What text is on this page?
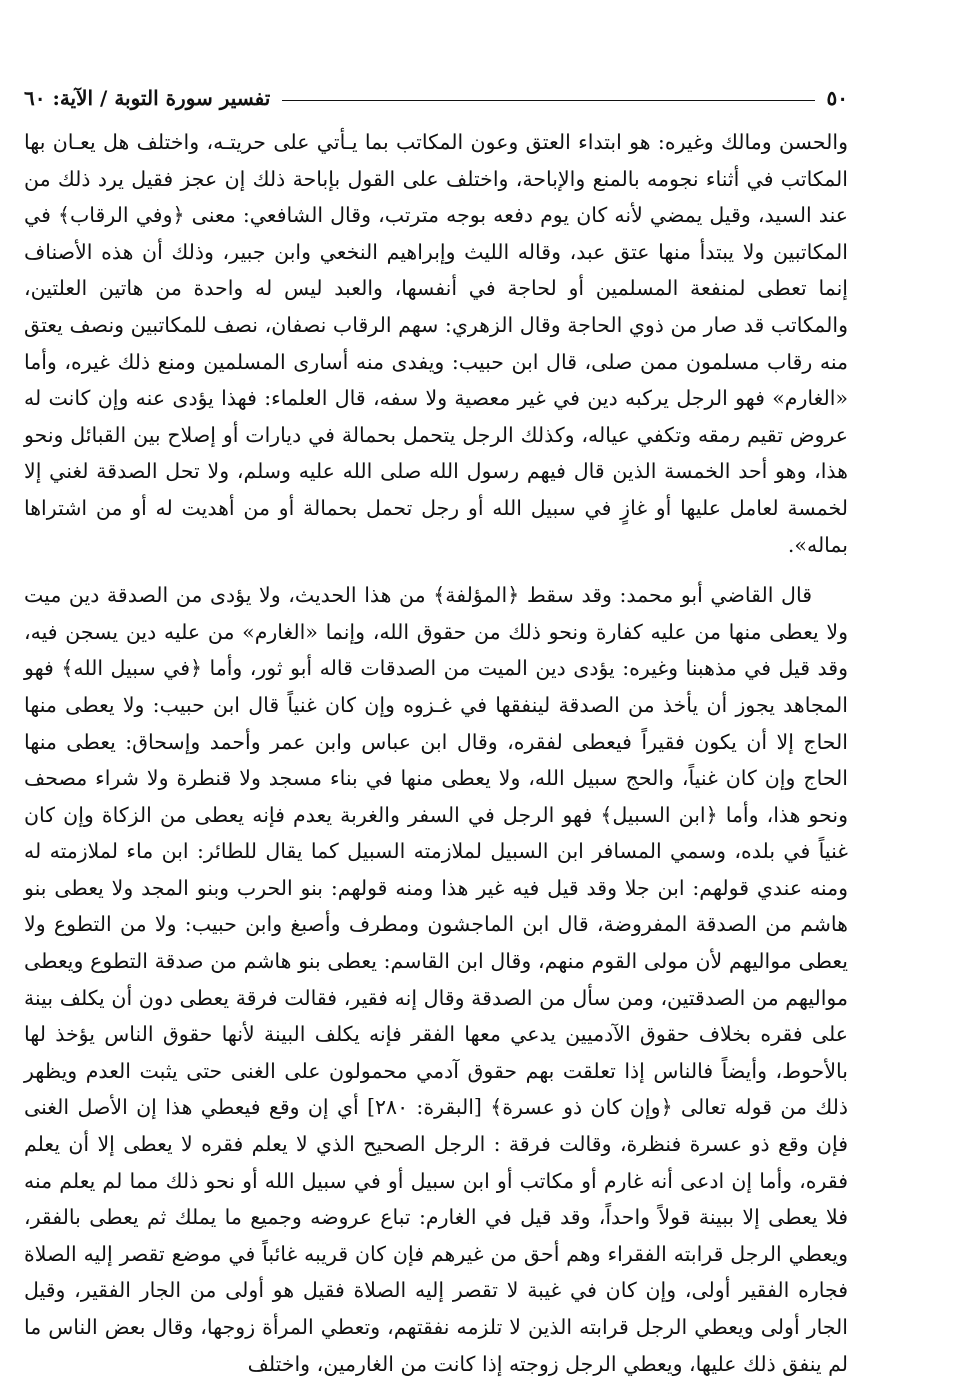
٥٠
تفسير سورة التوبة / الآية: ٦٠

والحسن ومالك وغيره: هو ابتداء العتق وعون المكاتب بما يـأتي على حريتـه، واختلف هل يعـان بها المكاتب في أثناء نجومه بالمنع والإباحة، واختلف على القول بإباحة ذلك إن عجز فقيل يرد ذلك من عند السيد، وقيل يمضي لأنه كان يوم دفعه بوجه مترتب، وقال الشافعي: معنى ﴿وفي الرقاب﴾ في المكاتبين ولا يبتدأ منها عتق عبد، وقاله الليث وإبراهيم النخعي وابن جبير، وذلك أن هذه الأصناف إنما تعطى لمنفعة المسلمين أو لحاجة في أنفسها، والعبد ليس له واحدة من هاتين العلتين، والمكاتب قد صار من ذوي الحاجة وقال الزهري: سهم الرقاب نصفان، نصف للمكاتبين ونصف يعتق منه رقاب مسلمون ممن صلى، قال ابن حبيب: ويفدى منه أسارى المسلمين ومنع ذلك غيره، وأما «الغارم» فهو الرجل يركبه دين في غير معصية ولا سفه، قال العلماء: فهذا يؤدى عنه وإن كانت له عروض تقيم رمقه وتكفي عياله، وكذلك الرجل يتحمل بحمالة في ديارات أو إصلاح بين القبائل ونحو هذا، وهو أحد الخمسة الذين قال فيهم رسول الله صلى الله عليه وسلم، ولا تحل الصدقة لغني إلا لخمسة لعامل عليها أو غازٍ في سبيل الله أو رجل تحمل بحمالة أو من أهديت له أو من اشتراها بماله».

قال القاضي أبو محمد: وقد سقط ﴿المؤلفة﴾ من هذا الحديث، ولا يؤدى من الصدقة دين ميت ولا يعطى منها من عليه كفارة ونحو ذلك من حقوق الله، وإنما «الغارم» من عليه دين يسجن فيه، وقد قيل في مذهبنا وغيره: يؤدى دين الميت من الصدقات قاله أبو ثور، وأما ﴿في سبيل الله﴾ فهو المجاهد يجوز أن يأخذ من الصدقة لينفقها في غـزوه وإن كان غنياً قال ابن حبيب: ولا يعطى منها الحاج إلا أن يكون فقيراً فيعطى لفقره، وقال ابن عباس وابن عمر وأحمد وإسحاق: يعطى منها الحاج وإن كان غنياً، والحج سبيل الله، ولا يعطى منها في بناء مسجد ولا قنطرة ولا شراء مصحف ونحو هذا، وأما ﴿ابن السبيل﴾ فهو الرجل في السفر والغربة يعدم فإنه يعطى من الزكاة وإن كان غنياً في بلده، وسمي المسافر ابن السبيل لملازمته السبيل كما يقال للطائر: ابن ماء لملازمته له ومنه عندي قولهم: ابن جلا وقد قيل فيه غير هذا ومنه قولهم: بنو الحرب وبنو المجد ولا يعطى بنو هاشم من الصدقة المفروضة، قال ابن الماجشون ومطرف وأصبغ وابن حبيب: ولا من التطوع ولا يعطى مواليهم لأن مولى القوم منهم، وقال ابن القاسم: يعطى بنو هاشم من صدقة التطوع ويعطى مواليهم من الصدقتين، ومن سأل من الصدقة وقال إنه فقير، فقالت فرقة يعطى دون أن يكلف بينة على فقره بخلاف حقوق الآدميين يدعي معها الفقر فإنه يكلف البينة لأنها حقوق الناس يؤخذ لها بالأحوط، وأيضاً فالناس إذا تعلقت بهم حقوق آدمي محمولون على الغنى حتى يثبت العدم ويظهر ذلك من قوله تعالى ﴿وإن كان ذو عسرة﴾ [البقرة: ٢٨٠] أي إن وقع فيعطي هذا إن الأصل الغنى فإن وقع ذو عسرة فنظرة، وقالت فرقة : الرجل الصحيح الذي لا يعلم فقره لا يعطى إلا أن يعلم فقره، وأما إن ادعى أنه غارم أو مكاتب أو ابن سبيل أو في سبيل الله أو نحو ذلك مما لم يعلم منه فلا يعطى إلا ببينة قولاً واحداً، وقد قيل في الغارم: تباع عروضه وجميع ما يملك ثم يعطى بالفقر، ويعطي الرجل قرابته الفقراء وهم أحق من غيرهم فإن كان قريبه غائباً في موضع تقصر إليه الصلاة فجاره الفقير أولى، وإن كان في غيبة لا تقصر إليه الصلاة فقيل هو أولى من الجار الفقير، وقيل الجار أولى ويعطي الرجل قرابته الذين لا تلزمه نفقتهم، وتعطي المرأة زوجها، وقال بعض الناس ما لم ينفق ذلك عليها، ويعطي الرجل زوجته إذا كانت من الغارمين، واختلف
